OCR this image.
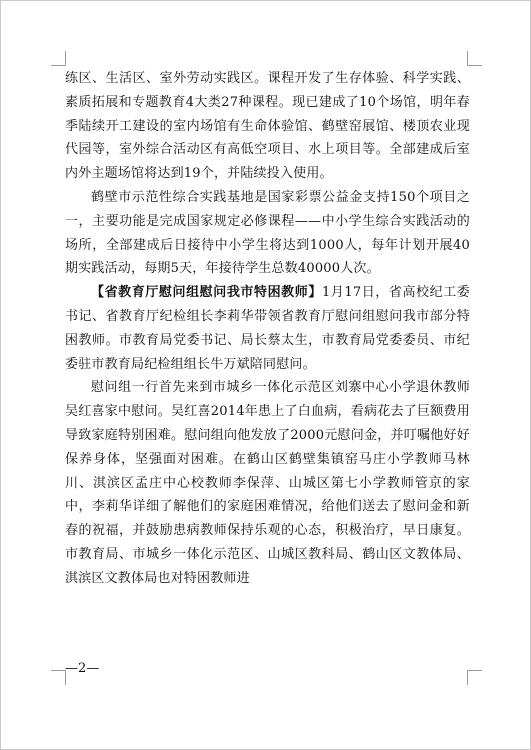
练区、生活区、室外劳动实践区。课程开发了生存体验、科学实践、素质拓展和专题教育4大类27种课程。现已建成了10个场馆，明年春季陆续开工建设的室内场馆有生命体验馆、鹤壁窑展馆、楼顶农业现代园等，室外综合活动区有高低空项目、水上项目等。全部建成后室内外主题场馆将达到19个，并陆续投入使用。

鹤壁市示范性综合实践基地是国家彩票公益金支持150个项目之一，主要功能是完成国家规定必修课程——中小学生综合实践活动的场所，全部建成后日接待中小学生将达到1000人，每年计划开展40期实践活动，每期5天，年接待学生总数40000人次。

【省教育厅慰问组慰问我市特困教师】1月17日，省高校纪工委书记、省教育厅纪检组长李莉华带领省教育厅慰问组慰问我市部分特困教师。市教育局党委书记、局长蔡太生，市教育局党委委员、市纪委驻市教育局纪检组组长牛万斌陪同慰问。

慰问组一行首先来到市城乡一体化示范区刘寨中心小学退休教师吴红喜家中慰问。吴红喜2014年患上了白血病，看病花去了巨额费用导致家庭特别困难。慰问组向他发放了2000元慰问金，并叮嘱他好好保养身体，坚强面对困难。在鹤山区鹤壁集镇窑马庄小学教师马林川、淇滨区孟庄中心校教师李保萍、山城区第七小学教师管京的家中，李莉华详细了解他们的家庭困难情况，给他们送去了慰问金和新春的祝福，并鼓励患病教师保持乐观的心态，积极治疗，早日康复。市教育局、市城乡一体化示范区、山城区教科局、鹤山区文教体局、淇滨区文教体局也对特困教师进

—2—
